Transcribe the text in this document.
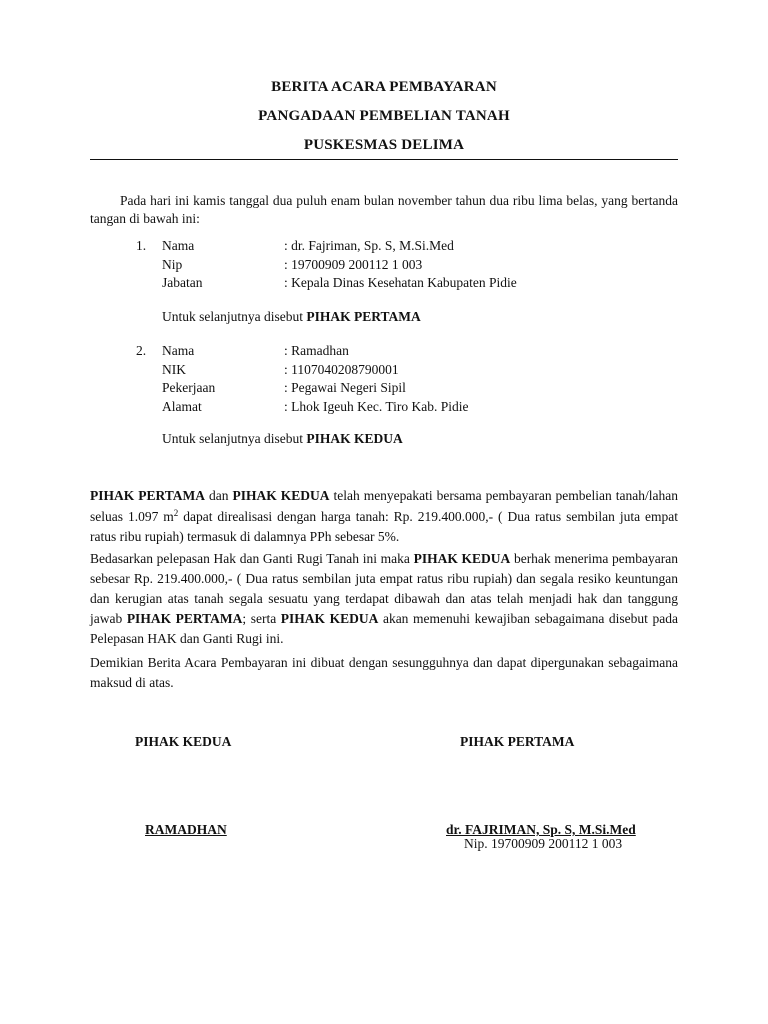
BERITA ACARA PEMBAYARAN
PANGADAAN PEMBELIAN TANAH
PUSKESMAS DELIMA
Pada hari ini kamis tanggal dua puluh enam bulan november tahun dua ribu lima belas, yang bertanda tangan di bawah ini:
1. Nama	: dr. Fajriman, Sp. S, M.Si.Med
Nip	: 19700909 200112 1 003
Jabatan	: Kepala Dinas Kesehatan Kabupaten Pidie
Untuk selanjutnya disebut PIHAK PERTAMA
2. Nama	: Ramadhan
NIK	: 1107040208790001
Pekerjaan	: Pegawai Negeri Sipil
Alamat	: Lhok Igeuh Kec. Tiro Kab. Pidie
Untuk selanjutnya disebut PIHAK KEDUA
PIHAK PERTAMA dan PIHAK KEDUA telah menyepakati bersama pembayaran pembelian tanah/lahan seluas 1.097 $m^2$ dapat direalisasi dengan harga tanah: Rp. 219.400.000,- ( Dua ratus sembilan juta empat ratus ribu rupiah) termasuk di dalamnya PPh sebesar 5%.
Bedasarkan pelepasan Hak dan Ganti Rugi Tanah ini maka PIHAK KEDUA berhak menerima pembayaran sebesar Rp. 219.400.000,- ( Dua ratus sembilan juta empat ratus ribu rupiah) dan segala resiko keuntungan dan kerugian atas tanah segala sesuatu yang terdapat dibawah dan atas telah menjadi hak dan tanggung jawab PIHAK PERTAMA; serta PIHAK KEDUA akan memenuhi kewajiban sebagaimana disebut pada Pelepasan HAK dan Ganti Rugi ini.
Demikian Berita Acara Pembayaran ini dibuat dengan sesungguhnya dan dapat dipergunakan sebagaimana maksud di atas.
PIHAK KEDUA	PIHAK PERTAMA
RAMADHAN	dr. FAJRIMAN, Sp. S, M.Si.Med
Nip. 19700909 200112 1 003
